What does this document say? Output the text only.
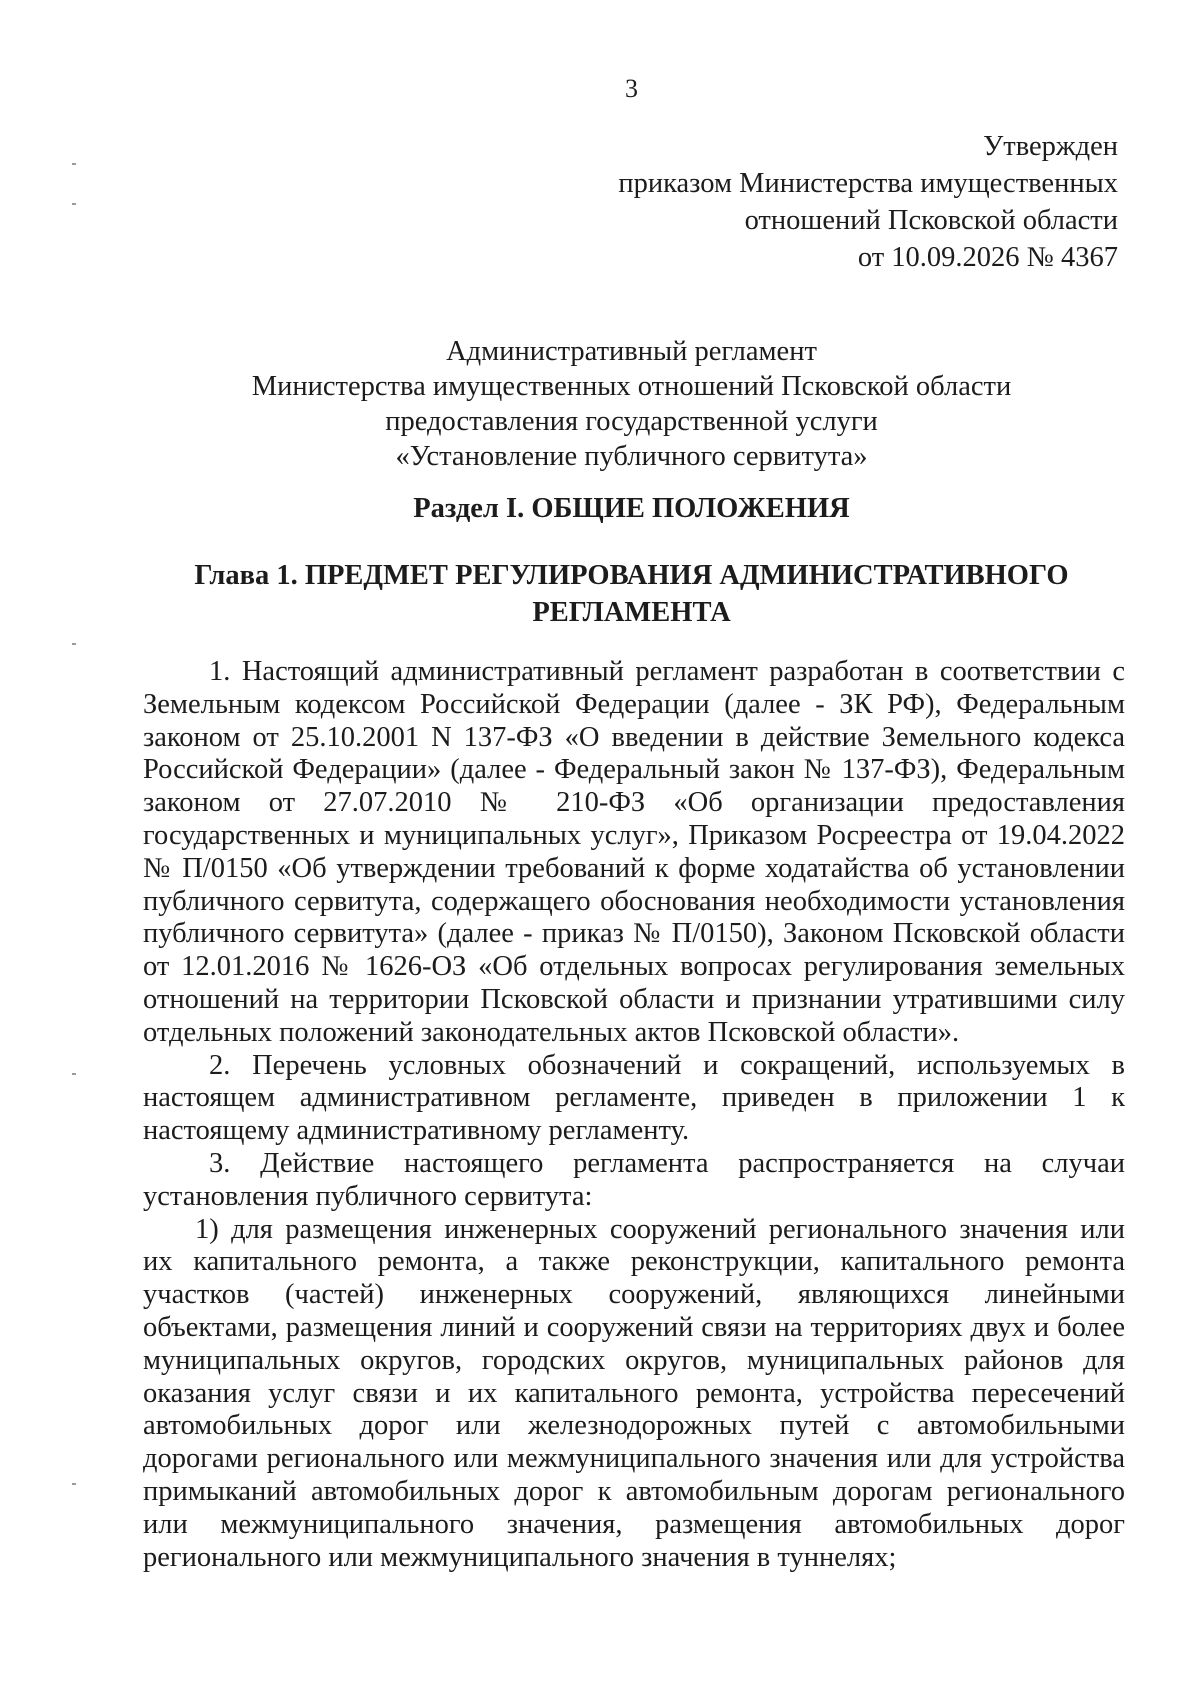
3
Утвержден
приказом Министерства имущественных
отношений Псковской области
от 10.09.2026 № 4367
Административный регламент
Министерства имущественных отношений Псковской области
предоставления государственной услуги
«Установление публичного сервитута»
Раздел I. ОБЩИЕ ПОЛОЖЕНИЯ
Глава 1. ПРЕДМЕТ РЕГУЛИРОВАНИЯ АДМИНИСТРАТИВНОГО
РЕГЛАМЕНТА
1. Настоящий административный регламент разработан в соответствии с
Земельным кодексом Российской Федерации (далее - ЗК РФ), Федеральным
законом от 25.10.2001 N 137-ФЗ «О введении в действие Земельного кодекса
Российской Федерации» (далее - Федеральный закон № 137-ФЗ), Федеральным
законом от 27.07.2010 № 210-ФЗ «Об организации предоставления
государственных и муниципальных услуг», Приказом Росреестра от 19.04.2022
№ П/0150 «Об утверждении требований к форме ходатайства об установлении
публичного сервитута, содержащего обоснования необходимости установления
публичного сервитута» (далее - приказ № П/0150), Законом Псковской области
от 12.01.2016 № 1626-ОЗ «Об отдельных вопросах регулирования земельных
отношений на территории Псковской области и признании утратившими силу
отдельных положений законодательных актов Псковской области».
2. Перечень условных обозначений и сокращений, используемых в
настоящем административном регламенте, приведен в приложении 1 к
настоящему административному регламенту.
3. Действие настоящего регламента распространяется на случаи
установления публичного сервитута:
1) для размещения инженерных сооружений регионального значения или
их капитального ремонта, а также реконструкции, капитального ремонта
участков (частей) инженерных сооружений, являющихся линейными
объектами, размещения линий и сооружений связи на территориях двух и более
муниципальных округов, городских округов, муниципальных районов для
оказания услуг связи и их капитального ремонта, устройства пересечений
автомобильных дорог или железнодорожных путей с автомобильными
дорогами регионального или межмуниципального значения или для устройства
примыканий автомобильных дорог к автомобильным дорогам регионального
или межмуниципального значения, размещения автомобильных дорог
регионального или межмуниципального значения в туннелях;
